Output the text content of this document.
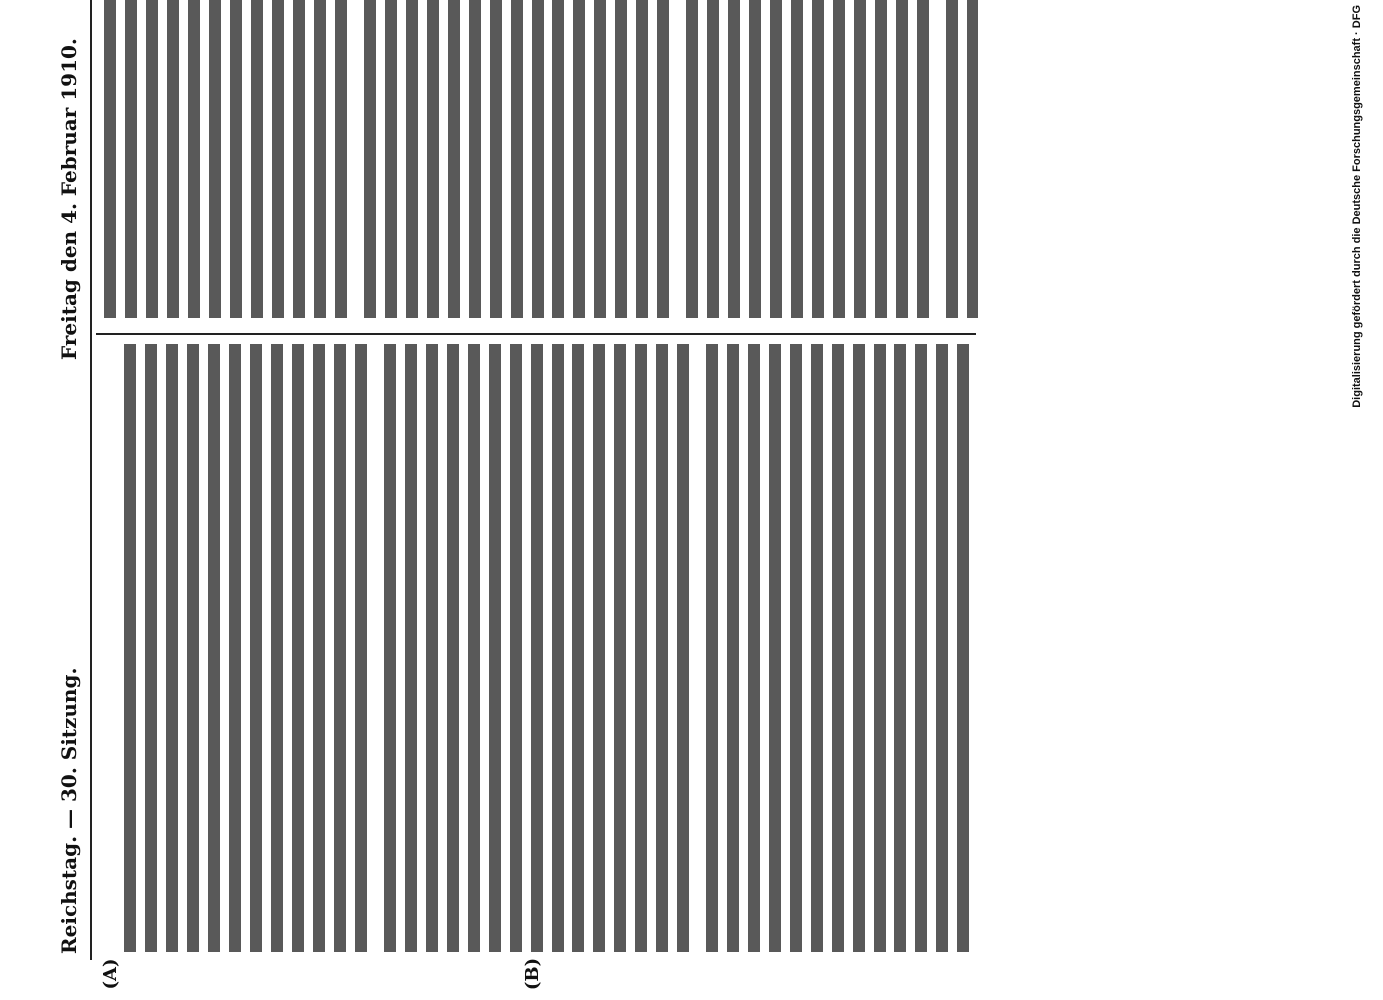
Reichstag. — 30. Sitzung.
Freitag den 4. Februar 1910.
(A)	(B)

Digitalisierung gefördert durch die Deutsche Forschungsgemeinschaft · DFG
